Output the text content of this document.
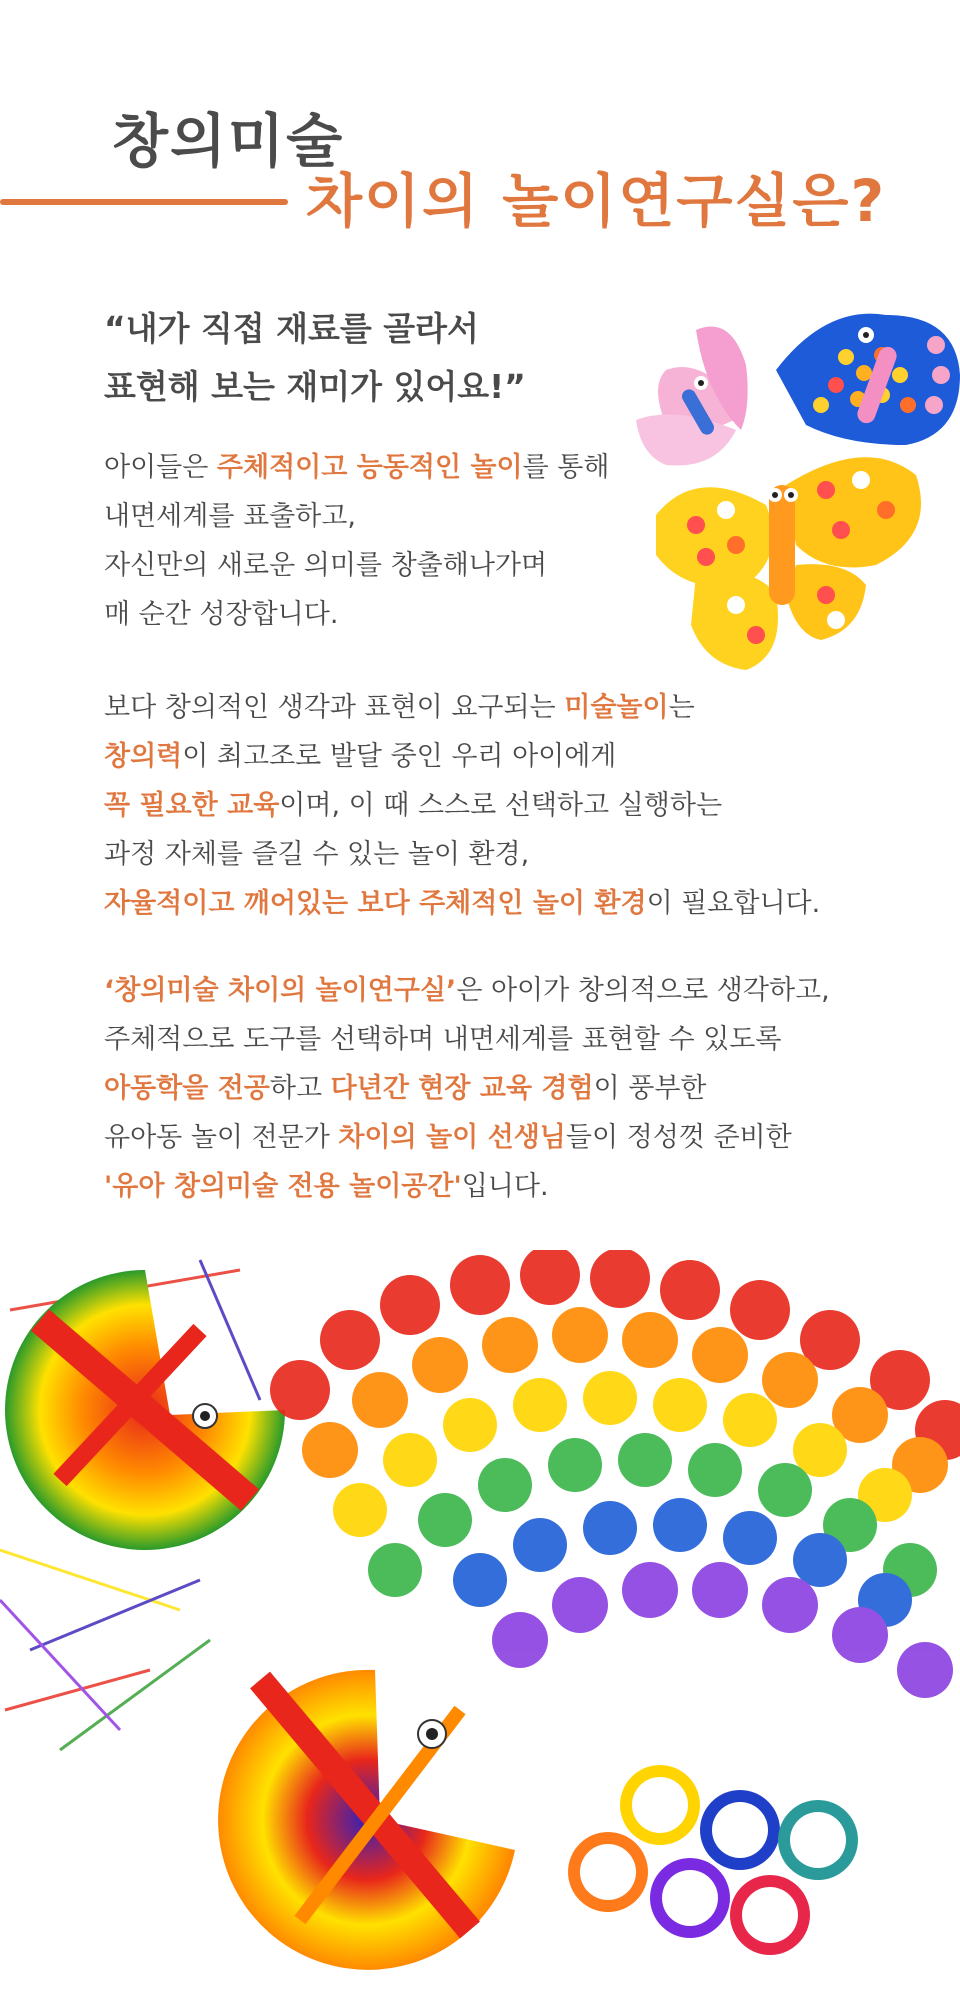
창의미술
차이의 놀이연구실은?
“내가 직접 재료를 골라서
표현해 보는 재미가 있어요!”
아이들은 주체적이고 능동적인 놀이를 통해
내면세계를 표출하고,
자신만의 새로운 의미를 창출해나가며
매 순간 성장합니다.
보다 창의적인 생각과 표현이 요구되는 미술놀이는
창의력이 최고조로 발달 중인 우리 아이에게
꼭 필요한 교육이며, 이 때 스스로 선택하고 실행하는
과정 자체를 즐길 수 있는 놀이 환경,
자율적이고 깨어있는 보다 주체적인 놀이 환경이 필요합니다.
‘창의미술 차이의 놀이연구실’은 아이가 창의적으로 생각하고,
주체적으로 도구를 선택하며 내면세계를 표현할 수 있도록
아동학을 전공하고 다년간 현장 교육 경험이 풍부한
유아동 놀이 전문가 차이의 놀이 선생님들이 정성껏 준비한
'유아 창의미술 전용 놀이공간'입니다.
